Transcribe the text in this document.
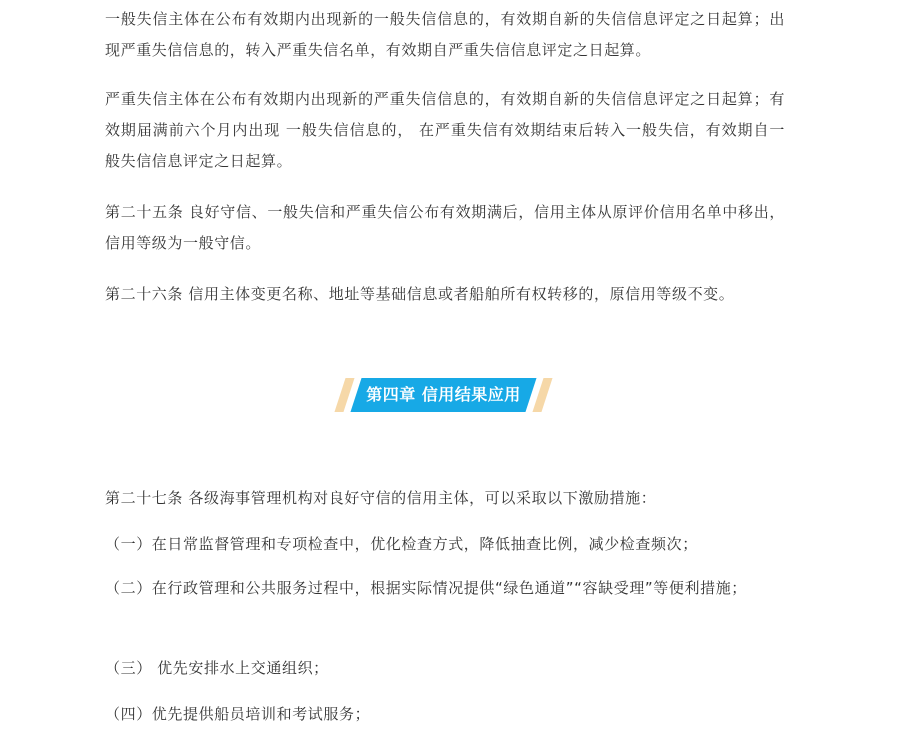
一般失信主体在公布有效期内出现新的一般失信信息的，有效期自新的失信信息评定之日起算；出现严重失信信息的，转入严重失信名单，有效期自严重失信信息评定之日起算。

严重失信主体在公布有效期内出现新的严重失信信息的，有效期自新的失信信息评定之日起算；有效期届满前六个月内出现 一般失信信息的， 在严重失信有效期结束后转入一般失信，有效期自一般失信信息评定之日起算。

第二十五条 良好守信、一般失信和严重失信公布有效期满后，信用主体从原评价信用名单中移出，信用等级为一般守信。

第二十六条 信用主体变更名称、地址等基础信息或者船舶所有权转移的，原信用等级不变。

第二十七条 各级海事管理机构对良好守信的信用主体，可以采取以下激励措施：

（一）在日常监督管理和专项检查中，优化检查方式，降低抽查比例，减少检查频次；

（二）在行政管理和公共服务过程中，根据实际情况提供“绿色通道”“容缺受理”等便利措施；

（三） 优先安排水上交通组织；

（四）优先提供船员培训和考试服务；

第四章 信用结果应用
